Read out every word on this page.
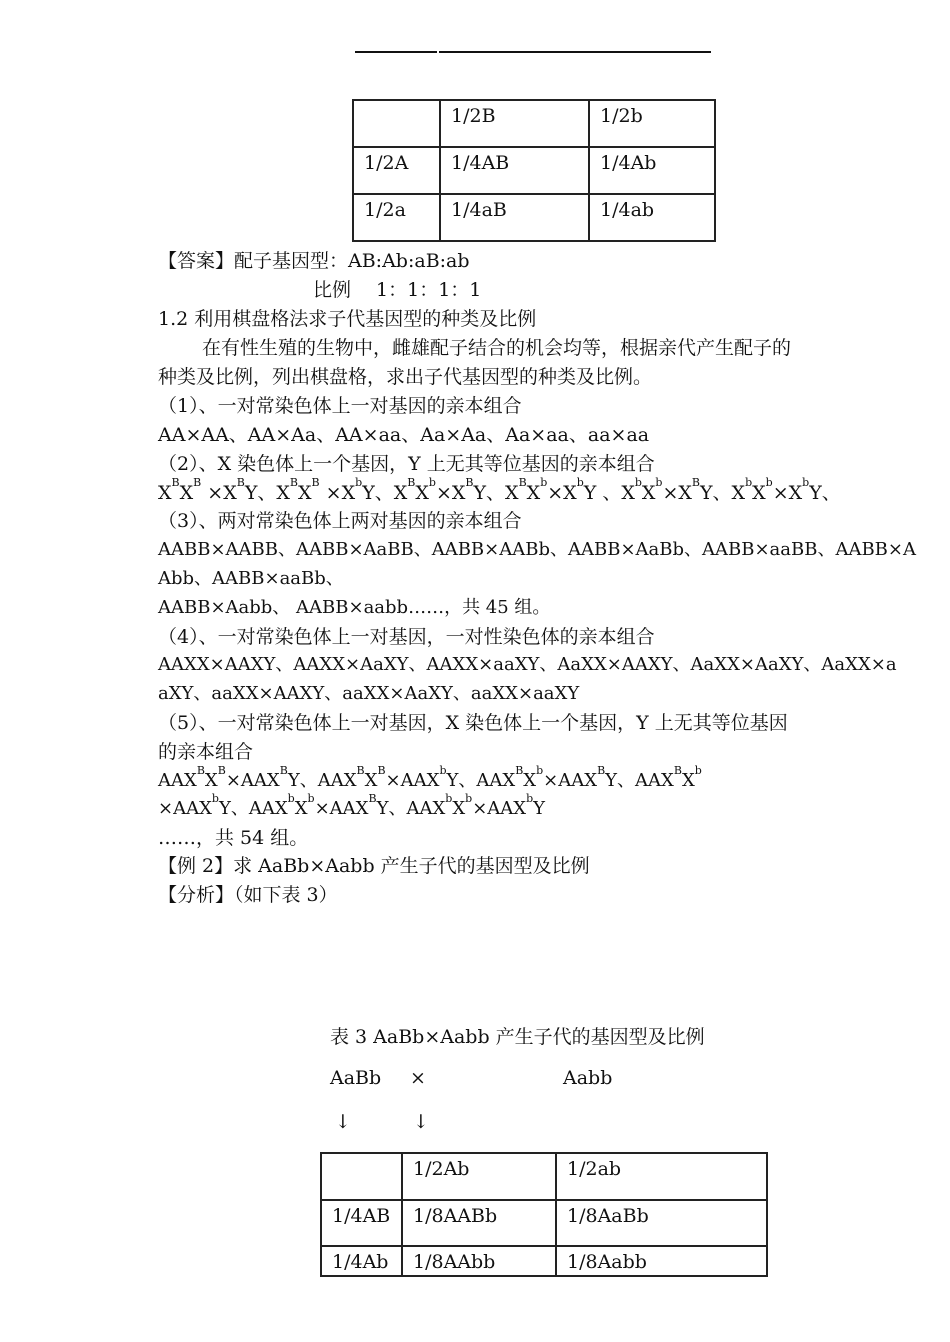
	1/2B	1/2b
1/2A	1/4AB	1/4Ab
1/2a	1/4aB	1/4ab
【答案】配子基因型：AB:Ab:aB:ab
比例　 1：1：1：1
1.2 利用棋盘格法求子代基因型的种类及比例
在有性生殖的生物中，雌雄配子结合的机会均等，根据亲代产生配子的
种类及比例，列出棋盘格，求出子代基因型的种类及比例。
（1）、一对常染色体上一对基因的亲本组合
AA×AA、AA×Aa、AA×aa、Aa×Aa、Aa×aa、aa×aa
（2）、X 染色体上一个基因，Y 上无其等位基因的亲本组合
$X^BX^B \times X^BY$、$X^BX^B \times X^bY$、$X^BX^b\times X^BY$、$X^BX^b\times X^bY$ 、$X^bX^b\times X^BY$、$X^bX^b\times X^bY$、
（3）、两对常染色体上两对基因的亲本组合
AABB×AABB、AABB×AaBB、AABB×AABb、AABB×AaBb、AABB×aaBB、AABB×A
Abb、AABB×aaBb、
AABB×Aabb、 AABB×aabb……，共 45 组。
（4）、一对常染色体上一对基因，一对性染色体的亲本组合
AAXX×AAXY、AAXX×AaXY、AAXX×aaXY、AaXX×AAXY、AaXX×AaXY、AaXX×a
aXY、aaXX×AAXY、aaXX×AaXY、aaXX×aaXY
（5）、一对常染色体上一对基因，X 染色体上一个基因，Y 上无其等位基因
的亲本组合
$AAX^BX^B\times AAX^BY$、$AAX^BX^B\times AAX^bY$、$AAX^BX^b\times AAX^BY$、$AAX^BX^b$
$\times AAX^bY$、$AAX^bX^b\times AAX^BY$、$AAX^bX^b\times AAX^bY$
……，共 54 组。
【例 2】求 AaBb×Aabb 产生子代的基因型及比例
【分析】（如下表 3）
表 3 AaBb×Aabb 产生子代的基因型及比例
AaBb ×	Aabb
↓	↓
	1/2Ab	1/2ab
1/4AB	1/8AABb	1/8AaBb
1/4Ab	1/8AAbb	1/8Aabb
